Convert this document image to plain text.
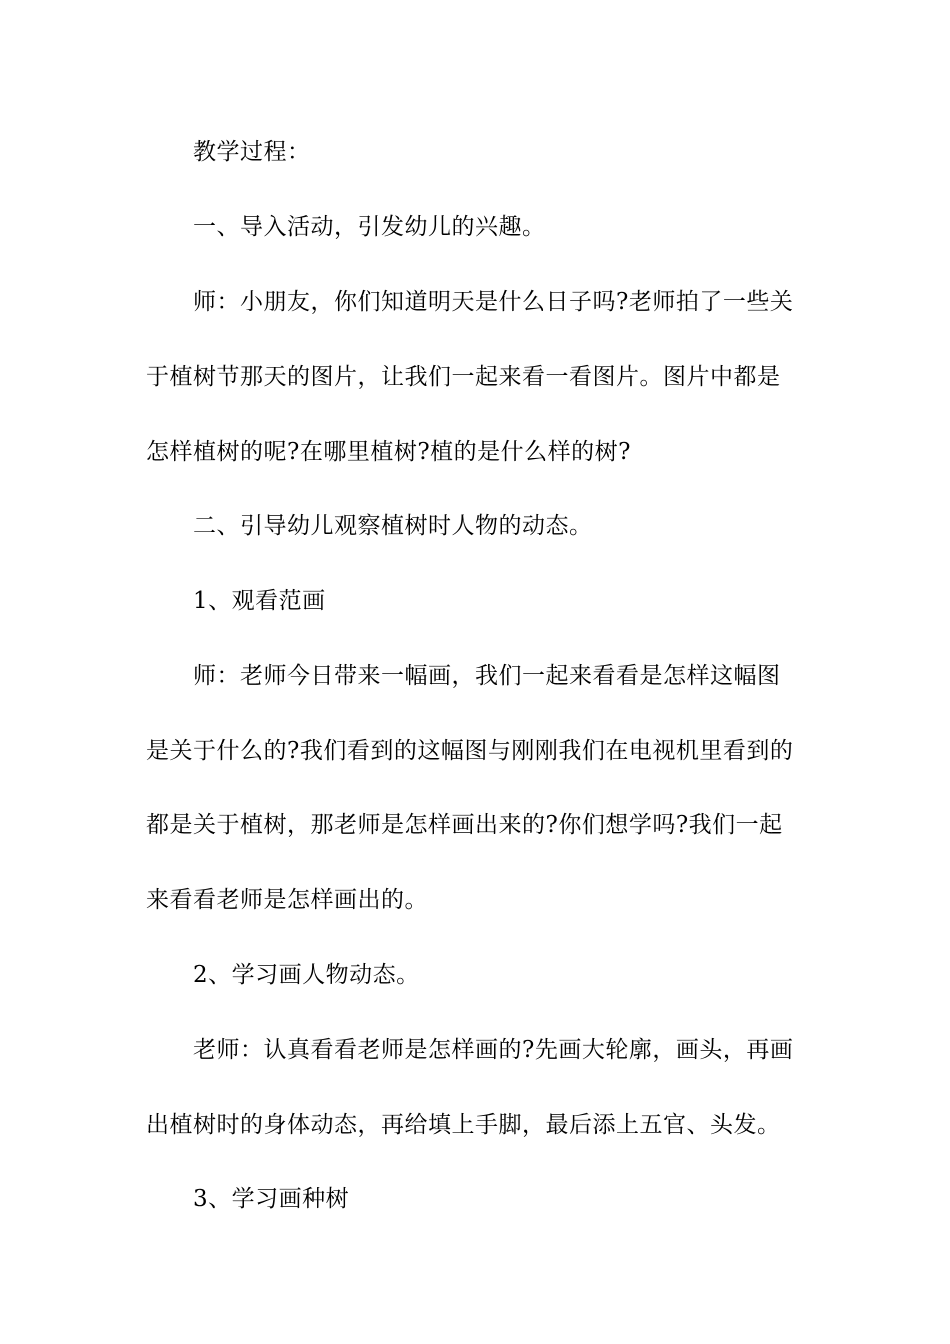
教学过程：
一、导入活动，引发幼儿的兴趣。
师：小朋友，你们知道明天是什么日子吗?老师拍了一些关
于植树节那天的图片，让我们一起来看一看图片。图片中都是
怎样植树的呢?在哪里植树?植的是什么样的树?
二、引导幼儿观察植树时人物的动态。
1、观看范画
师：老师今日带来一幅画，我们一起来看看是怎样这幅图
是关于什么的?我们看到的这幅图与刚刚我们在电视机里看到的
都是关于植树，那老师是怎样画出来的?你们想学吗?我们一起
来看看老师是怎样画出的。
2、学习画人物动态。
老师：认真看看老师是怎样画的?先画大轮廓，画头，再画
出植树时的身体动态，再给填上手脚，最后添上五官、头发。
3、学习画种树
